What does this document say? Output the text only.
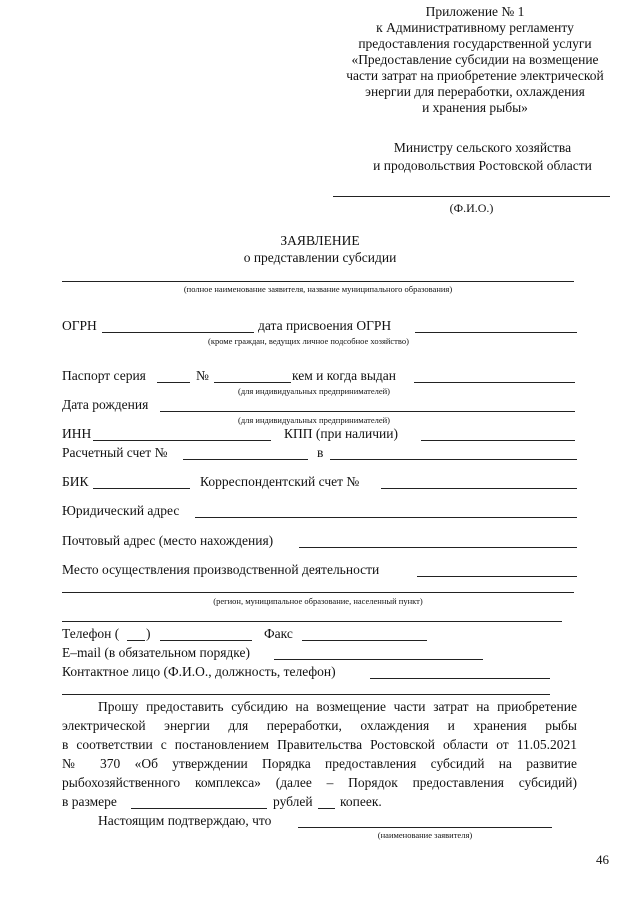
Приложение № 1
к Административному регламенту
предоставления государственной услуги
«Предоставление субсидии на возмещение
части затрат на приобретение электрической
энергии для переработки, охлаждения
и хранения рыбы»
Министру сельского хозяйства
и продовольствия Ростовской области
(Ф.И.О.)
ЗАЯВЛЕНИЕ
о представлении субсидии
(полное наименование заявителя, название муниципального образования)
ОГРН	дата присвоения ОГРН
(кроме граждан, ведущих личное подсобное хозяйство)
Паспорт серия	№	кем и когда выдан
(для индивидуальных предпринимателей)
Дата рождения
(для индивидуальных предпринимателей)
ИНН	КПП (при наличии)
Расчетный счет №	в
БИК	Корреспондентский счет №
Юридический адрес
Почтовый адрес (место нахождения)
Место осуществления производственной деятельности
(регион, муниципальное образование, населенный пункт)
Телефон ( )	Факс
E–mail (в обязательном порядке)
Контактное лицо (Ф.И.О., должность, телефон)
Прошу предоставить субсидию на возмещение части затрат на приобретение
электрической энергии для переработки, охлаждения и хранения рыбы
в соответствии с постановлением Правительства Ростовской области от 11.05.2021
№ 370 «Об утверждении Порядка предоставления субсидий на развитие
рыбохозяйственного комплекса» (далее – Порядок предоставления субсидий)
в размере	рублей копеек.
Настоящим подтверждаю, что
(наименование заявителя)
46
